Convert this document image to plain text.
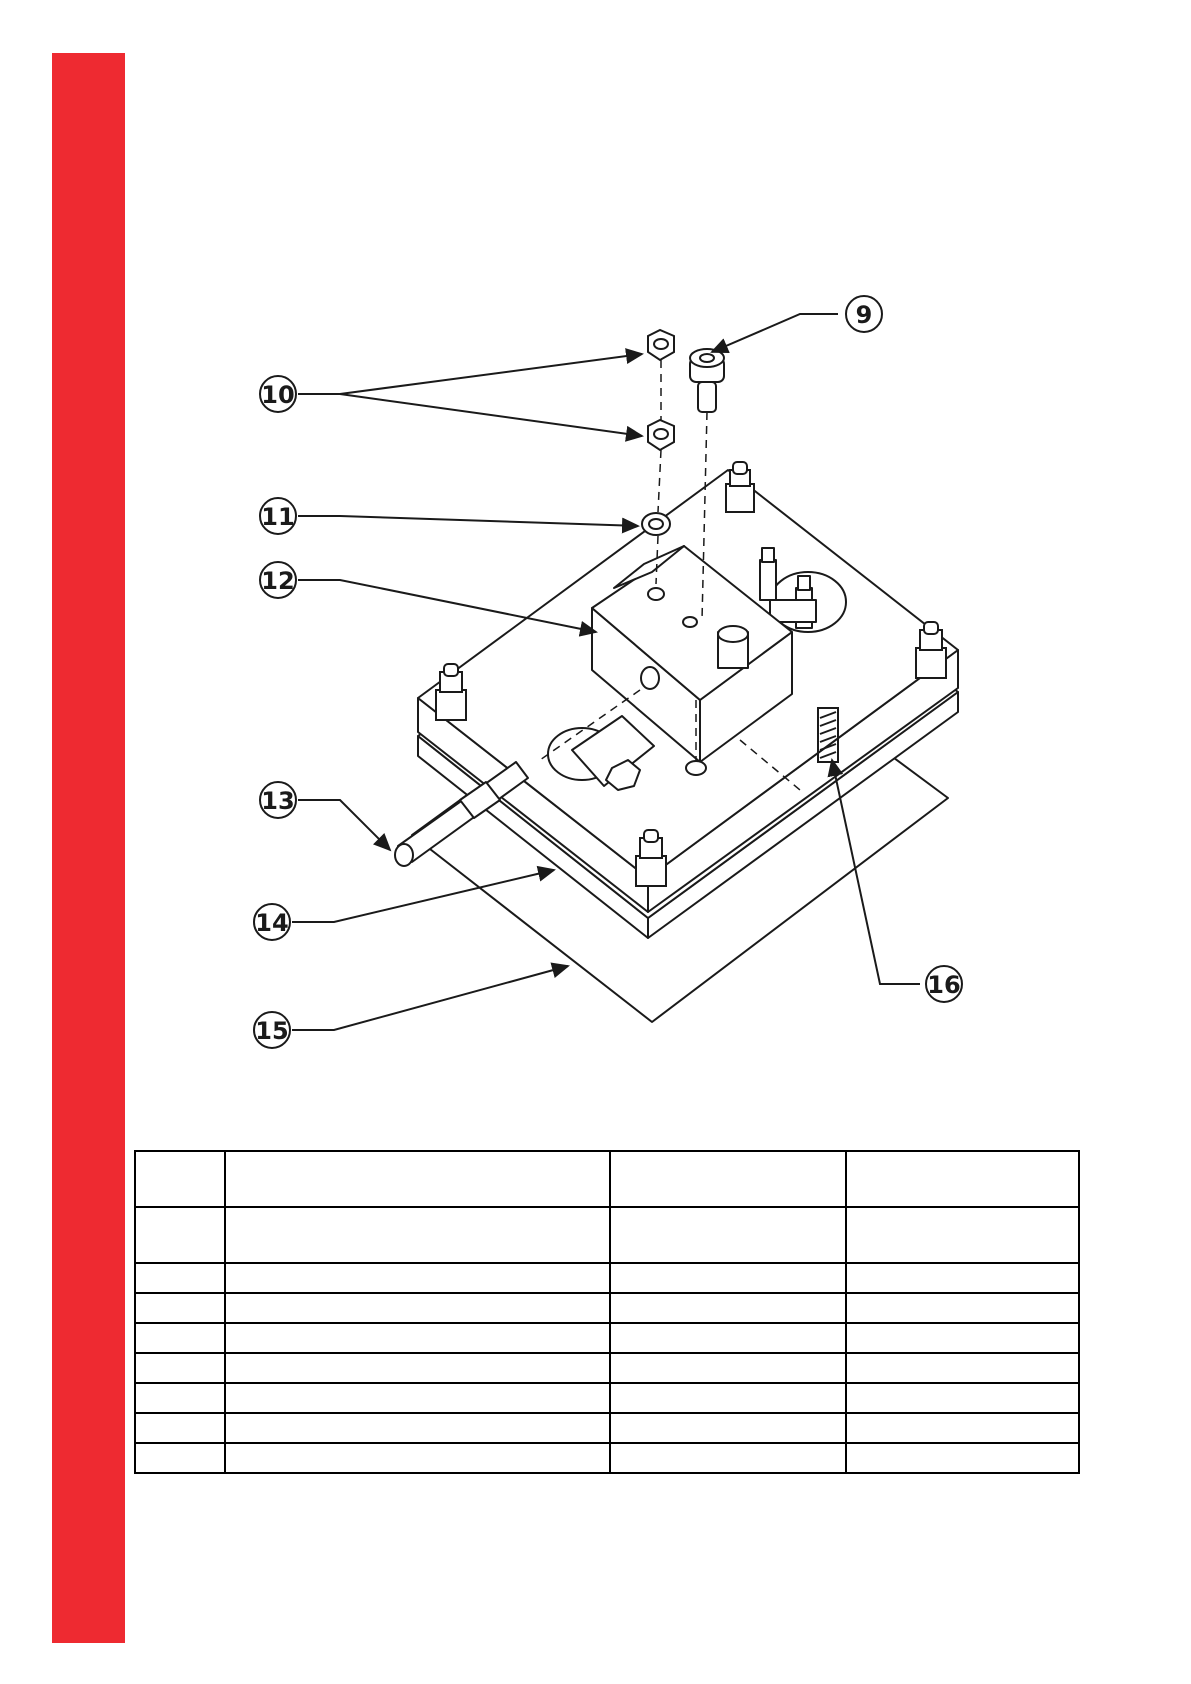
9
10
11
12
13
14
15
16
